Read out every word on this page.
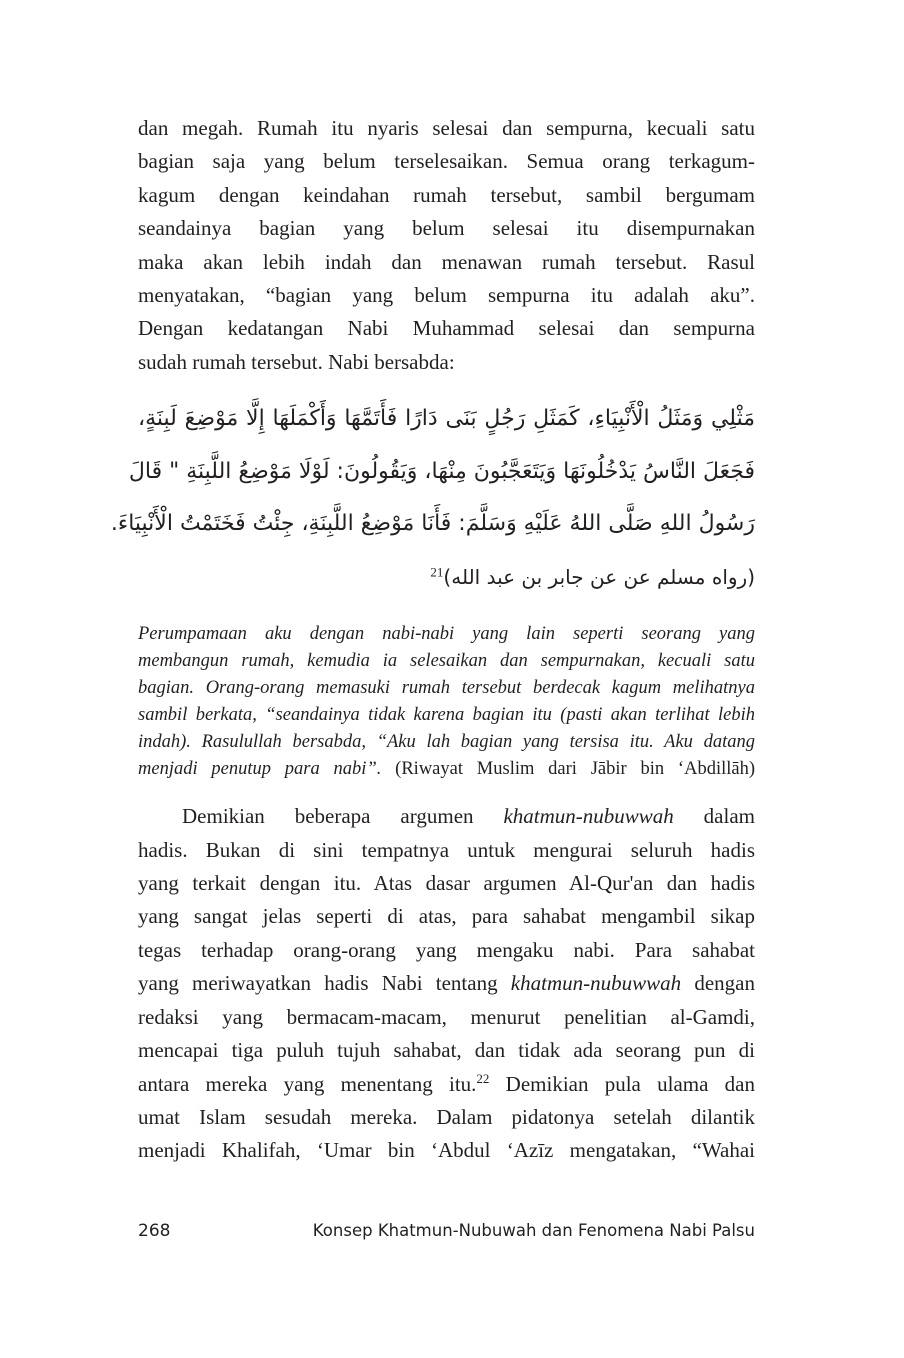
dan megah. Rumah itu nyaris selesai dan sempurna, kecuali satu
bagian saja yang belum terselesaikan. Semua orang terkagum-
kagum dengan keindahan rumah tersebut, sambil bergumam
seandainya bagian yang belum selesai itu disempurnakan
maka akan lebih indah dan menawan rumah tersebut. Rasul
menyatakan, “bagian yang belum sempurna itu adalah aku”.
Dengan kedatangan Nabi Muhammad selesai dan sempurna
sudah rumah tersebut. Nabi bersabda:

مَثْلِي وَمَثَلُ الْأَنْبِيَاءِ، كَمَثَلِ رَجُلٍ بَنَى دَارًا فَأَتَمَّهَا وَأَكْمَلَهَا إِلَّا مَوْضِعَ لَبِنَةٍ،
فَجَعَلَ النَّاسُ يَدْخُلُونَهَا وَيَتَعَجَّبُونَ مِنْهَا، وَيَقُولُونَ: لَوْلَا مَوْضِعُ اللَّبِنَةِ " قَالَ
رَسُولُ اللهِ صَلَّى اللهُ عَلَيْهِ وَسَلَّمَ: فَأَنَا مَوْضِعُ اللَّبِنَةِ، جِئْتُ فَخَتَمْتُ الْأَنْبِيَاءَ.
(رواه مسلم عن عن جابر بن عبد الله)$^{21}$
Perumpamaan aku dengan nabi-nabi yang lain seperti seorang yang
membangun rumah, kemudia ia selesaikan dan sempurnakan, kecuali satu
bagian. Orang-orang memasuki rumah tersebut berdecak kagum melihatnya
sambil berkata, “seandainya tidak karena bagian itu (pasti akan terlihat lebih
indah). Rasulullah bersabda, “Aku lah bagian yang tersisa itu. Aku datang
menjadi penutup para nabi”. (Riwayat Muslim dari Jābir bin ‘Abdillāh)

Demikian beberapa argumen khatmun-nubuwwah dalam
hadis. Bukan di sini tempatnya untuk mengurai seluruh hadis
yang terkait dengan itu. Atas dasar argumen Al-Qur'an dan hadis
yang sangat jelas seperti di atas, para sahabat mengambil sikap
tegas terhadap orang-orang yang mengaku nabi. Para sahabat
yang meriwayatkan hadis Nabi tentang khatmun-nubuwwah dengan
redaksi yang bermacam-macam, menurut penelitian al-Gamdi,
mencapai tiga puluh tujuh sahabat, dan tidak ada seorang pun di
antara mereka yang menentang itu.$^{22}$ Demikian pula ulama dan
umat Islam sesudah mereka. Dalam pidatonya setelah dilantik
menjadi Khalifah, ‘Umar bin ‘Abdul ‘Azīz mengatakan, “Wahai

268	Konsep Khatmun-Nubuwah dan Fenomena Nabi Palsu
